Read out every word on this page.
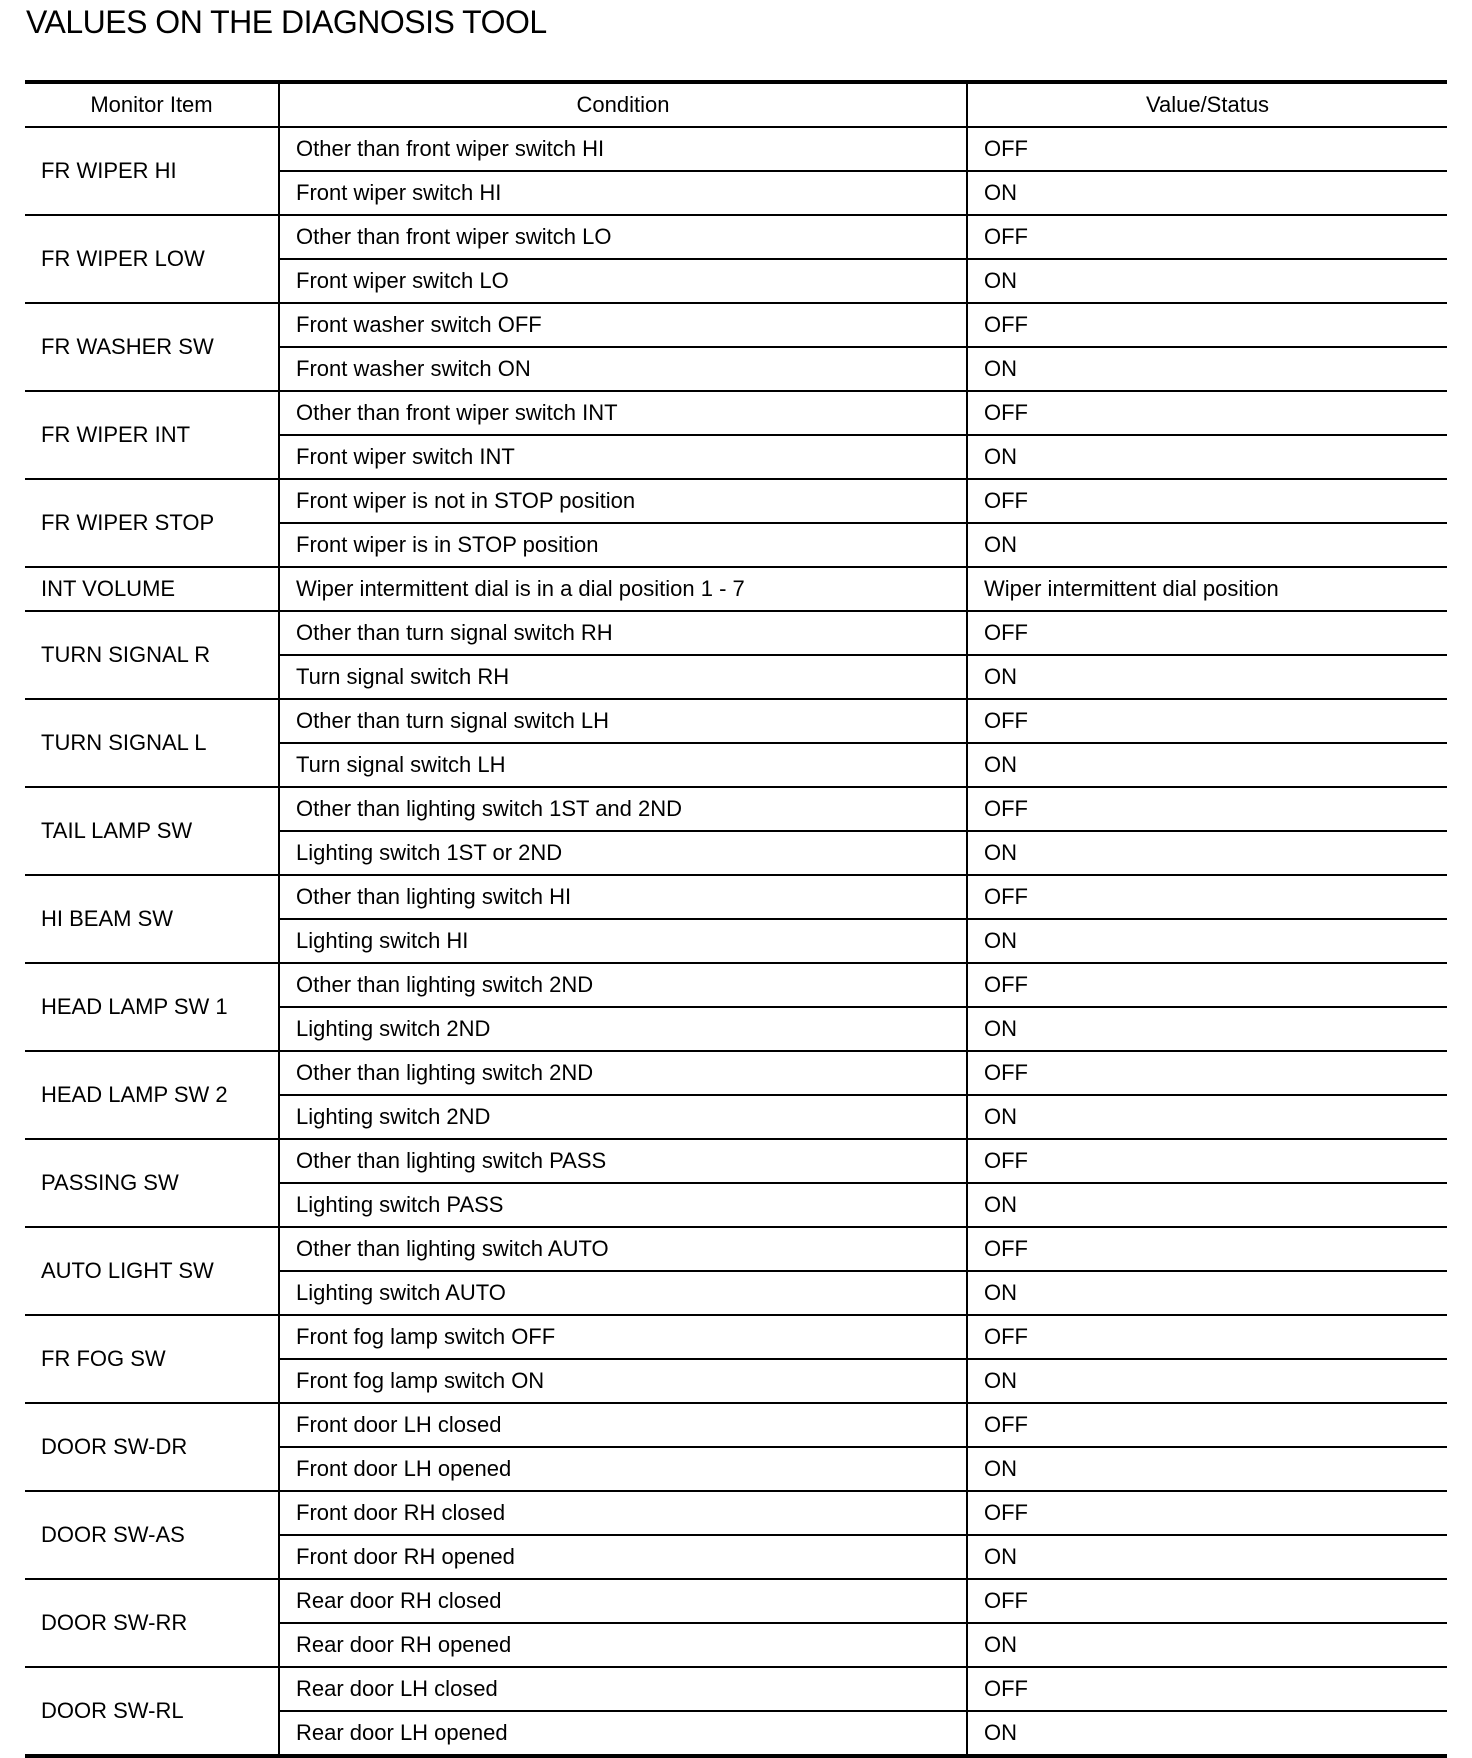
VALUES ON THE DIAGNOSIS TOOL
Monitor Item	Condition	Value/Status
FR WIPER HI	Other than front wiper switch HI	OFF
	Front wiper switch HI	ON
FR WIPER LOW	Other than front wiper switch LO	OFF
	Front wiper switch LO	ON
FR WASHER SW	Front washer switch OFF	OFF
	Front washer switch ON	ON
FR WIPER INT	Other than front wiper switch INT	OFF
	Front wiper switch INT	ON
FR WIPER STOP	Front wiper is not in STOP position	OFF
	Front wiper is in STOP position	ON
INT VOLUME	Wiper intermittent dial is in a dial position 1 - 7	Wiper intermittent dial position
TURN SIGNAL R	Other than turn signal switch RH	OFF
	Turn signal switch RH	ON
TURN SIGNAL L	Other than turn signal switch LH	OFF
	Turn signal switch LH	ON
TAIL LAMP SW	Other than lighting switch 1ST and 2ND	OFF
	Lighting switch 1ST or 2ND	ON
HI BEAM SW	Other than lighting switch HI	OFF
	Lighting switch HI	ON
HEAD LAMP SW 1	Other than lighting switch 2ND	OFF
	Lighting switch 2ND	ON
HEAD LAMP SW 2	Other than lighting switch 2ND	OFF
	Lighting switch 2ND	ON
PASSING SW	Other than lighting switch PASS	OFF
	Lighting switch PASS	ON
AUTO LIGHT SW	Other than lighting switch AUTO	OFF
	Lighting switch AUTO	ON
FR FOG SW	Front fog lamp switch OFF	OFF
	Front fog lamp switch ON	ON
DOOR SW-DR	Front door LH closed	OFF
	Front door LH opened	ON
DOOR SW-AS	Front door RH closed	OFF
	Front door RH opened	ON
DOOR SW-RR	Rear door RH closed	OFF
	Rear door RH opened	ON
DOOR SW-RL	Rear door LH closed	OFF
	Rear door LH opened	ON
